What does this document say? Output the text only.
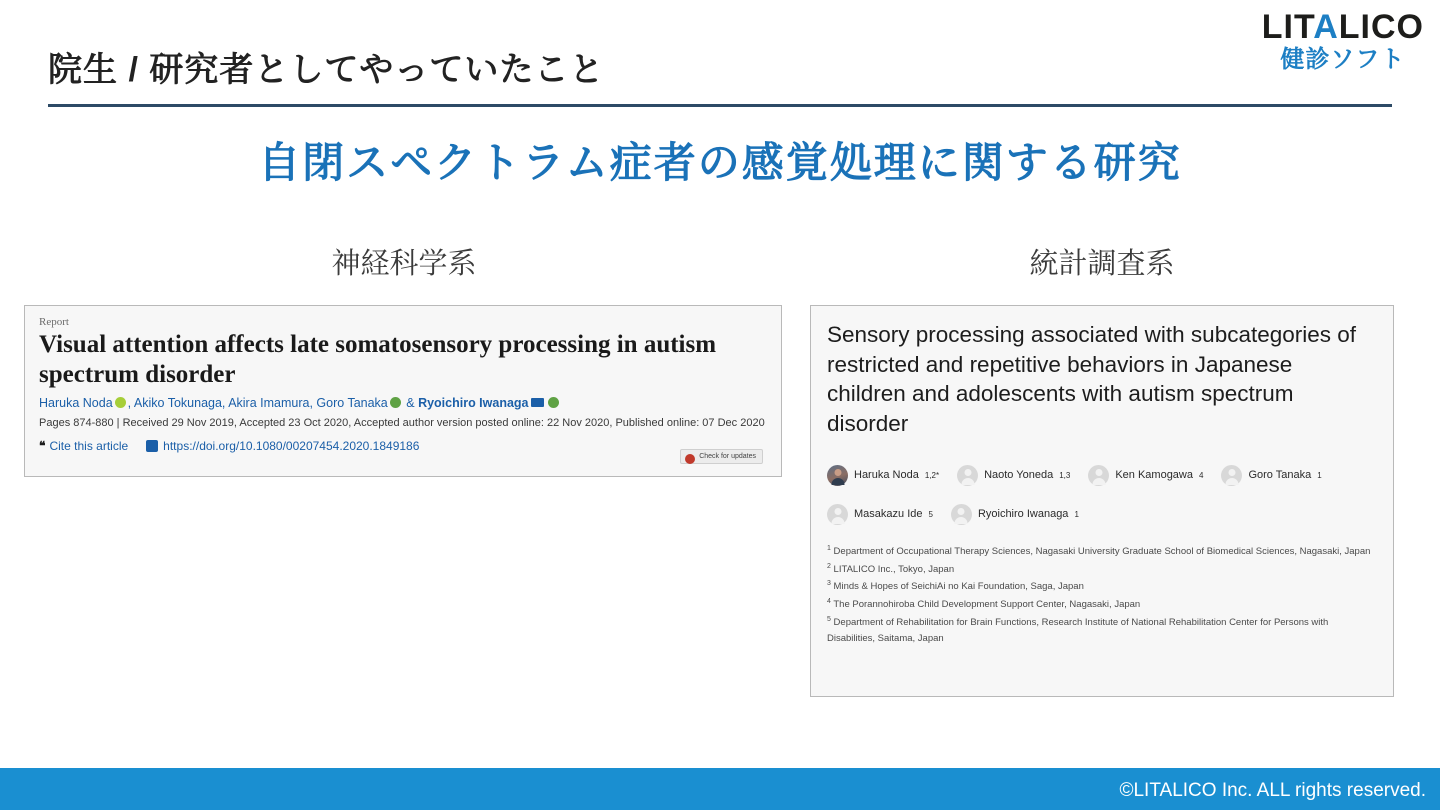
LITALICO
健診ソフト
院生 / 研究者としてやっていたこと
自閉スペクトラム症者の感覚処理に関する研究
神経科学系	統計調査系
Report
Visual attention affects late somatosensory processing in autism spectrum disorder
Haruka Noda , Akiko Tokunaga, Akira Imamura, Goro Tanaka & Ryoichiro Iwanaga
Pages 874-880 | Received 29 Nov 2019, Accepted 23 Oct 2020, Accepted author version posted online: 22 Nov 2020, Published online: 07 Dec 2020
❝ Cite this article	https://doi.org/10.1080/00207454.2020.1849186
Check for updates
Sensory processing associated with subcategories of restricted and repetitive behaviors in Japanese children and adolescents with autism spectrum disorder
Haruka Noda 1,2*	Naoto Yoneda 1,3	Ken Kamogawa 4	Goro Tanaka 1
Masakazu Ide 5	Ryoichiro Iwanaga 1
$^1$ Department of Occupational Therapy Sciences, Nagasaki University Graduate School of Biomedical Sciences, Nagasaki, Japan
$^2$ LITALICO Inc., Tokyo, Japan
$^3$ Minds & Hopes of SeichiAi no Kai Foundation, Saga, Japan
$^4$ The Porannohiroba Child Development Support Center, Nagasaki, Japan
$^5$ Department of Rehabilitation for Brain Functions, Research Institute of National Rehabilitation Center for Persons with Disabilities, Saitama, Japan
©LITALICO Inc. ALL rights reserved.
